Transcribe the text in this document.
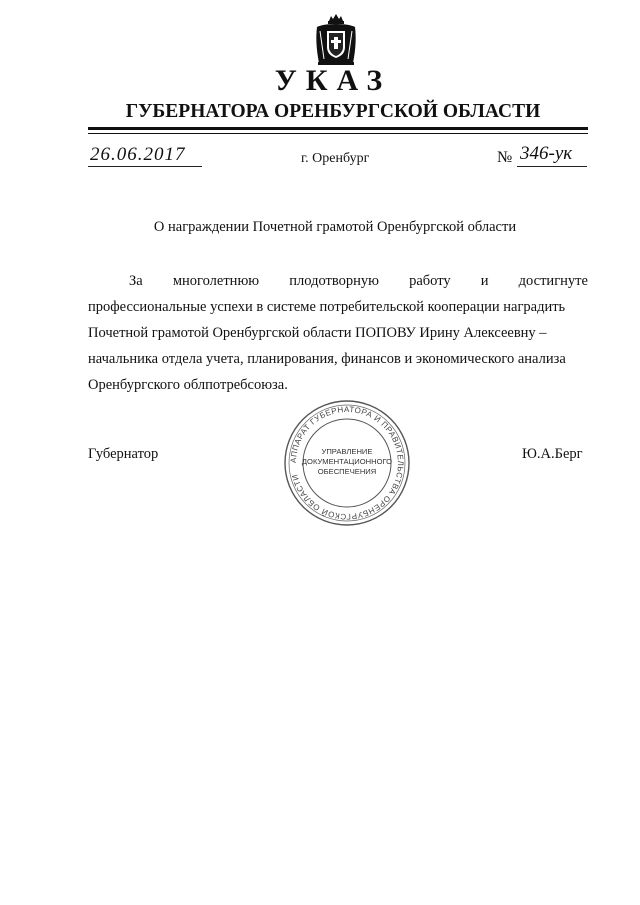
УКАЗ
ГУБЕРНАТОРА ОРЕНБУРГСКОЙ ОБЛАСТИ
26.06.2017	г. Оренбург	№ 346-ук
О награждении Почетной грамотой Оренбургской области
За многолетнюю плодотворную работу и достигнуте
профессиональные успехи в системе потребительской кооперации наградить
Почетной грамотой Оренбургской области ПОПОВУ Ирину Алексеевну –
начальника отдела учета, планирования, финансов и экономического анализа
Оренбургского облпотребсоюза.
Губернатор	Ю.А.Берг
АППАРАТ ГУБЕРНАТОРА И ПРАВИТЕЛЬСТВА ОРЕНБУРГСКОЙ ОБЛАСТИ
УПРАВЛЕНИЕ
ДОКУМЕНТАЦИОННОГО
ОБЕСПЕЧЕНИЯ
